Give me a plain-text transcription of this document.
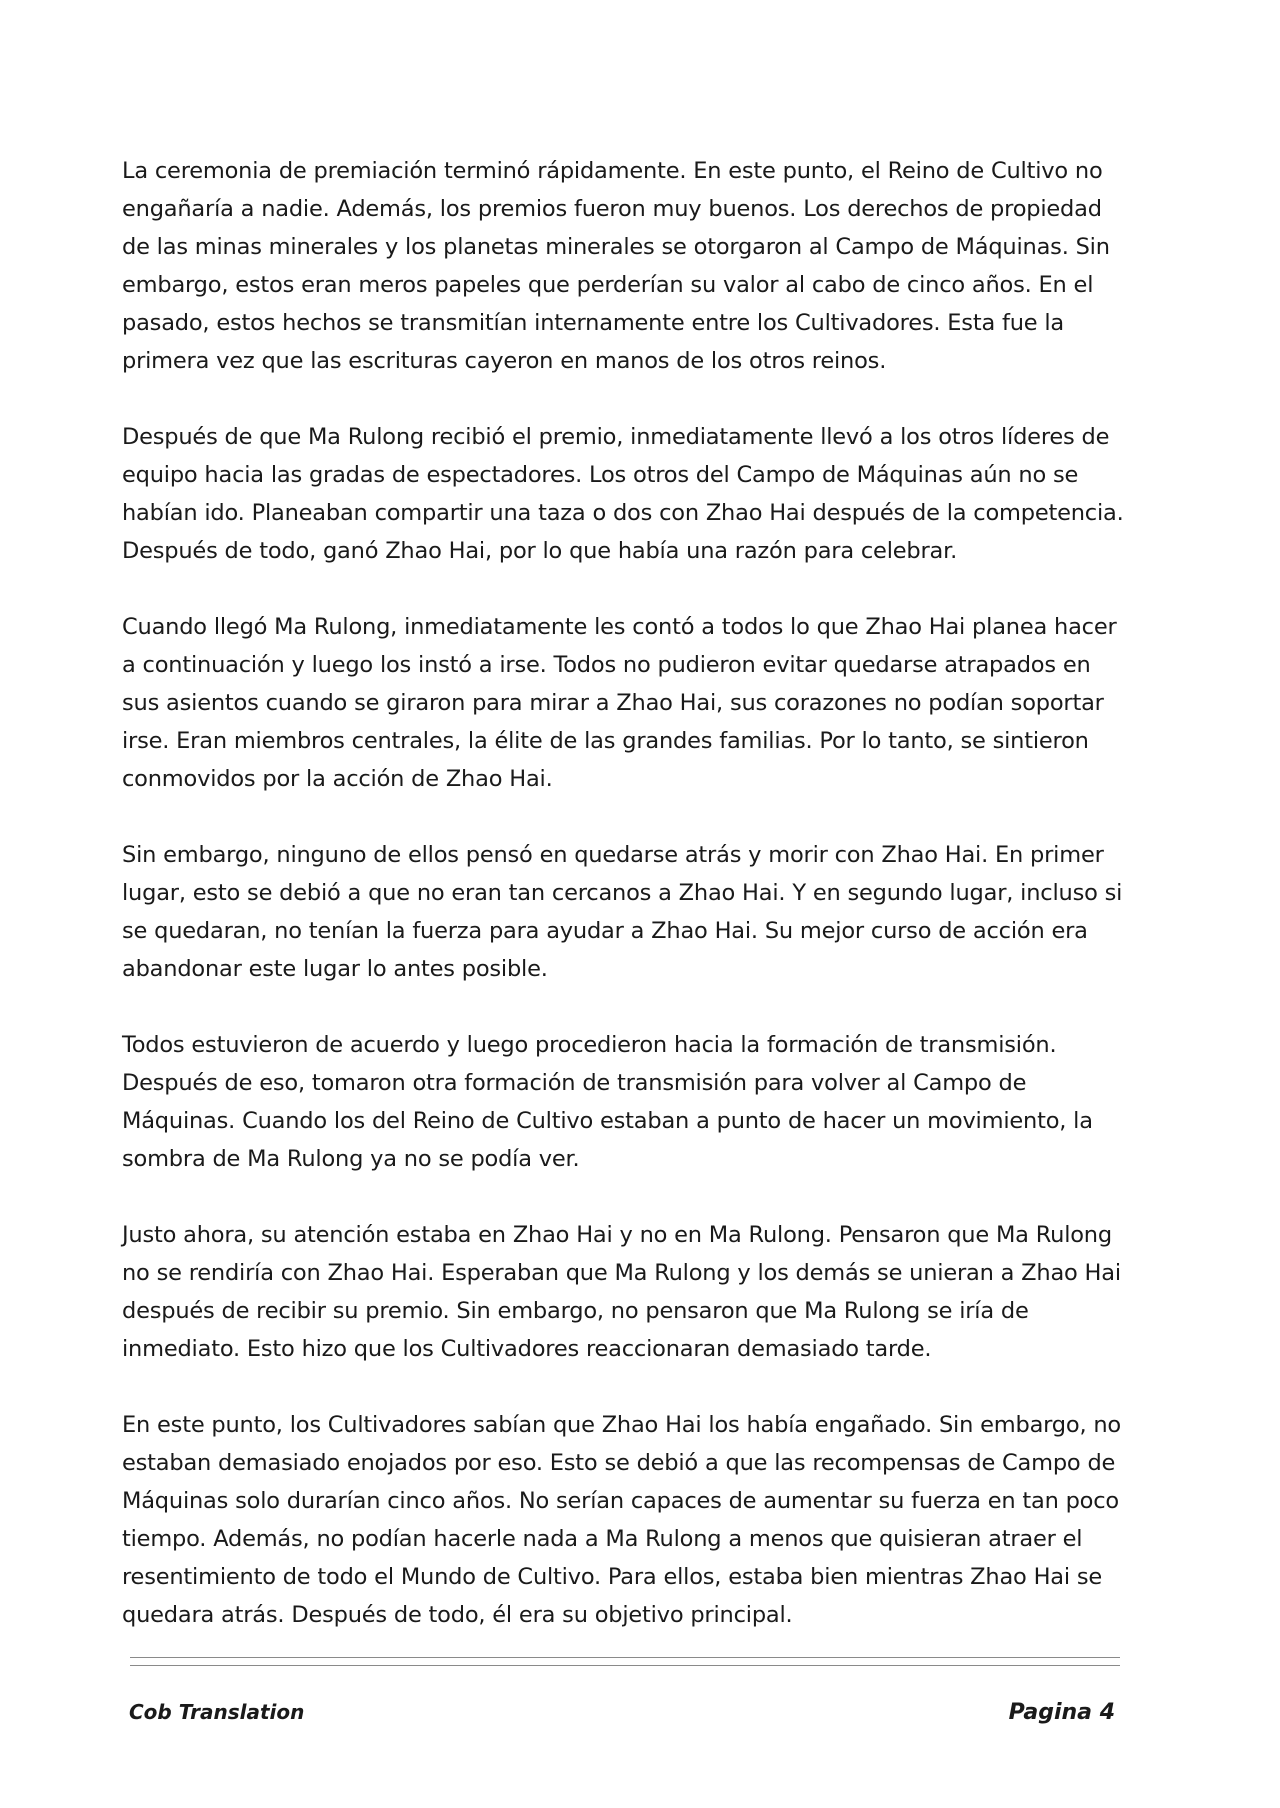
La ceremonia de premiación terminó rápidamente. En este punto, el Reino de Cultivo no engañaría a nadie. Además, los premios fueron muy buenos. Los derechos de propiedad de las minas minerales y los planetas minerales se otorgaron al Campo de Máquinas. Sin embargo, estos eran meros papeles que perderían su valor al cabo de cinco años. En el pasado, estos hechos se transmitían internamente entre los Cultivadores. Esta fue la primera vez que las escrituras cayeron en manos de los otros reinos.

Después de que Ma Rulong recibió el premio, inmediatamente llevó a los otros líderes de equipo hacia las gradas de espectadores. Los otros del Campo de Máquinas aún no se habían ido. Planeaban compartir una taza o dos con Zhao Hai después de la competencia. Después de todo, ganó Zhao Hai, por lo que había una razón para celebrar.

Cuando llegó Ma Rulong, inmediatamente les contó a todos lo que Zhao Hai planea hacer a continuación y luego los instó a irse. Todos no pudieron evitar quedarse atrapados en sus asientos cuando se giraron para mirar a Zhao Hai, sus corazones no podían soportar irse. Eran miembros centrales, la élite de las grandes familias. Por lo tanto, se sintieron conmovidos por la acción de Zhao Hai.

Sin embargo, ninguno de ellos pensó en quedarse atrás y morir con Zhao Hai. En primer lugar, esto se debió a que no eran tan cercanos a Zhao Hai. Y en segundo lugar, incluso si se quedaran, no tenían la fuerza para ayudar a Zhao Hai. Su mejor curso de acción era abandonar este lugar lo antes posible.

Todos estuvieron de acuerdo y luego procedieron hacia la formación de transmisión. Después de eso, tomaron otra formación de transmisión para volver al Campo de Máquinas. Cuando los del Reino de Cultivo estaban a punto de hacer un movimiento, la sombra de Ma Rulong ya no se podía ver.

Justo ahora, su atención estaba en Zhao Hai y no en Ma Rulong. Pensaron que Ma Rulong no se rendiría con Zhao Hai. Esperaban que Ma Rulong y los demás se unieran a Zhao Hai después de recibir su premio. Sin embargo, no pensaron que Ma Rulong se iría de inmediato. Esto hizo que los Cultivadores reaccionaran demasiado tarde.

En este punto, los Cultivadores sabían que Zhao Hai los había engañado. Sin embargo, no estaban demasiado enojados por eso. Esto se debió a que las recompensas de Campo de Máquinas solo durarían cinco años. No serían capaces de aumentar su fuerza en tan poco tiempo. Además, no podían hacerle nada a Ma Rulong a menos que quisieran atraer el resentimiento de todo el Mundo de Cultivo. Para ellos, estaba bien mientras Zhao Hai se quedara atrás. Después de todo, él era su objetivo principal.

Cob Translation	Pagina 4
